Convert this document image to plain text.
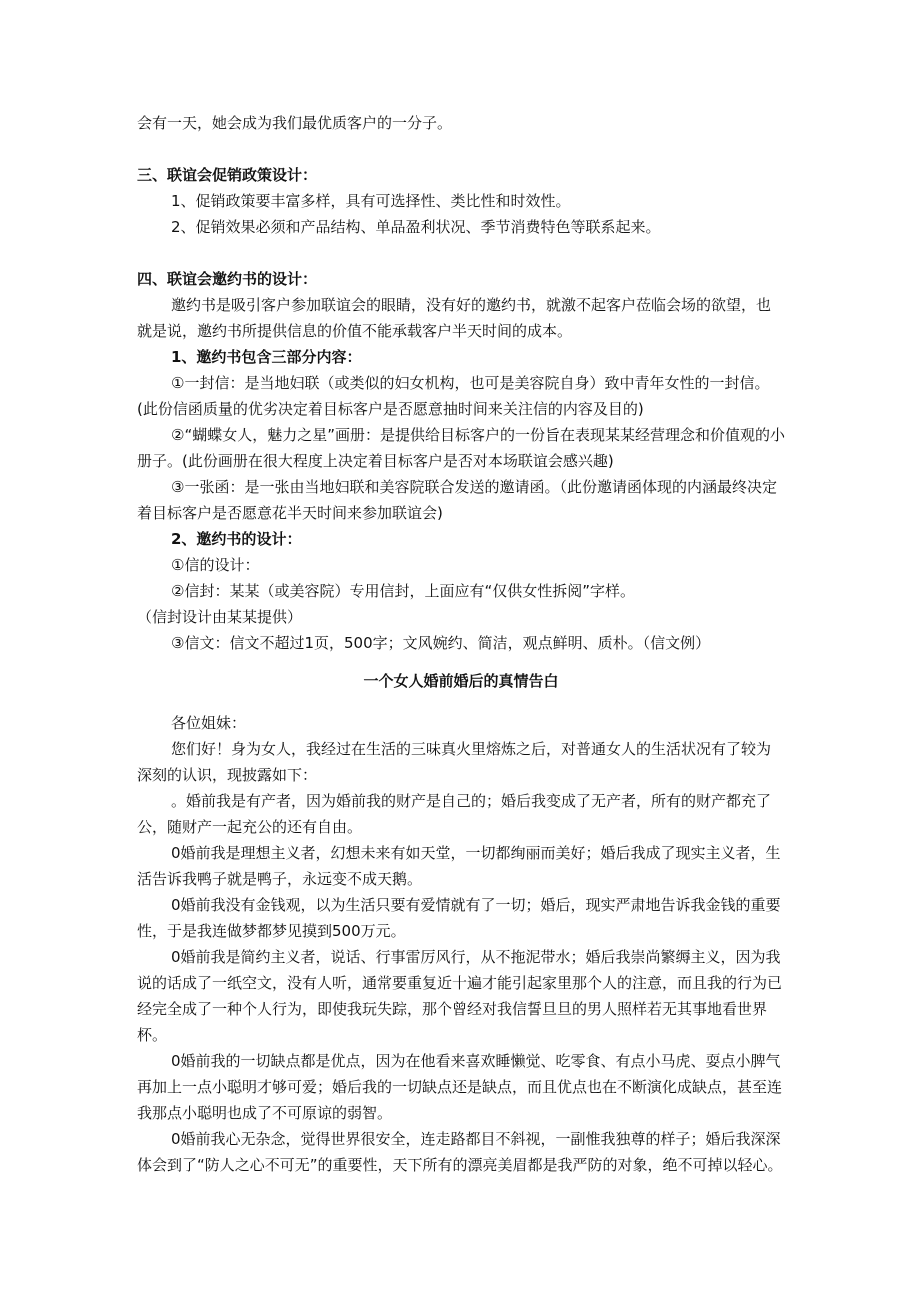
会有一天，她会成为我们最优质客户的一分子。

三、联谊会促销政策设计：

1、促销政策要丰富多样，具有可选择性、类比性和时效性。

2、促销效果必须和产品结构、单品盈利状况、季节消费特色等联系起来。

四、联谊会邀约书的设计：

邀约书是吸引客户参加联谊会的眼睛，没有好的邀约书，就激不起客户莅临会场的欲望，也就是说，邀约书所提供信息的价值不能承载客户半天时间的成本。

1、邀约书包含三部分内容：

①一封信：是当地妇联（或类似的妇女机构，也可是美容院自身）致中青年女性的一封信。(此份信函质量的优劣决定着目标客户是否愿意抽时间来关注信的内容及目的)

②“蝴蝶女人，魅力之星”画册：是提供给目标客户的一份旨在表现某某经营理念和价值观的小册子。(此份画册在很大程度上决定着目标客户是否对本场联谊会感兴趣)

③一张函：是一张由当地妇联和美容院联合发送的邀请函。（此份邀请函体现的内涵最终决定着目标客户是否愿意花半天时间来参加联谊会)

2、邀约书的设计：

①信的设计：

②信封：某某（或美容院）专用信封，上面应有“仅供女性拆阅”字样。

（信封设计由某某提供）

③信文：信文不超过1页，500字；文风婉约、简洁，观点鲜明、质朴。（信文例）

一个女人婚前婚后的真情告白

各位姐妹：

您们好！身为女人，我经过在生活的三味真火里熔炼之后，对普通女人的生活状况有了较为深刻的认识，现披露如下：

。婚前我是有产者，因为婚前我的财产是自己的；婚后我变成了无产者，所有的财产都充了公，随财产一起充公的还有自由。

0婚前我是理想主义者，幻想未来有如天堂，一切都绚丽而美好；婚后我成了现实主义者，生活告诉我鸭子就是鸭子，永远变不成天鹅。

0婚前我没有金钱观，以为生活只要有爱情就有了一切；婚后，现实严肃地告诉我金钱的重要性，于是我连做梦都梦见摸到500万元。

0婚前我是简约主义者，说话、行事雷厉风行，从不拖泥带水；婚后我崇尚繁缛主义，因为我说的话成了一纸空文，没有人听，通常要重复近十遍才能引起家里那个人的注意，而且我的行为已经完全成了一种个人行为，即使我玩失踪，那个曾经对我信誓旦旦的男人照样若无其事地看世界杯。

0婚前我的一切缺点都是优点，因为在他看来喜欢睡懒觉、吃零食、有点小马虎、耍点小脾气再加上一点小聪明才够可爱；婚后我的一切缺点还是缺点，而且优点也在不断演化成缺点，甚至连我那点小聪明也成了不可原谅的弱智。

0婚前我心无杂念，觉得世界很安全，连走路都目不斜视，一副惟我独尊的样子；婚后我深深体会到了“防人之心不可无”的重要性，天下所有的漂亮美眉都是我严防的对象，绝不可掉以轻心。
